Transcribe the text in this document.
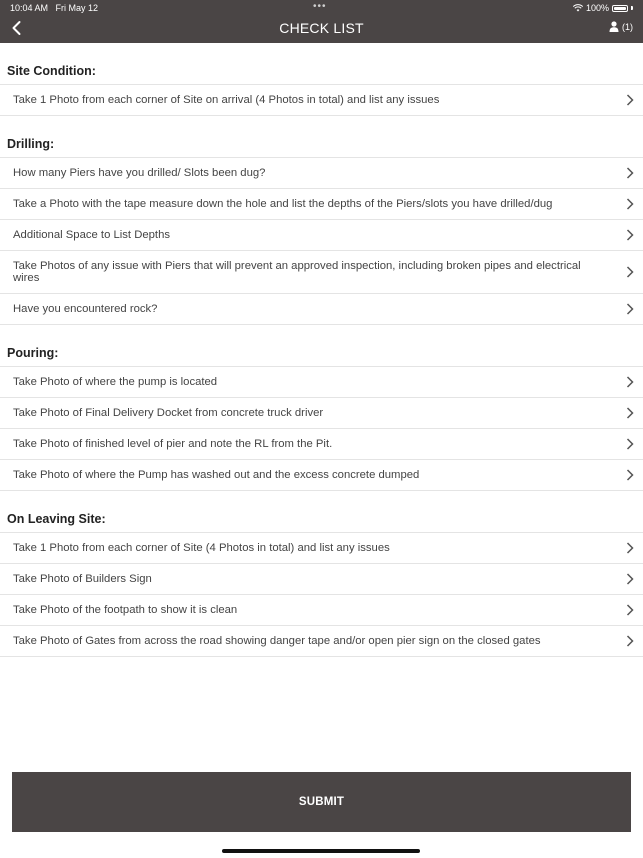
10:04 AM Fri May 12	•••	100%
CHECK LIST	(1)
Site Condition:
Take 1 Photo from each corner of Site on arrival (4 Photos in total) and list any issues
Drilling:
How many Piers have you drilled/ Slots been dug?
Take a Photo with the tape measure down the hole and list the depths of the Piers/slots you have drilled/dug
Additional Space to List Depths
Take Photos of any issue with Piers that will prevent an approved inspection, including broken pipes and electrical wires
Have you encountered rock?
Pouring:
Take Photo of where the pump is located
Take Photo of Final Delivery Docket from concrete truck driver
Take Photo of finished level of pier and note the RL from the Pit.
Take Photo of where the Pump has washed out and the excess concrete dumped
On Leaving Site:
Take 1 Photo from each corner of Site (4 Photos in total) and list any issues
Take Photo of Builders Sign
Take Photo of the footpath to show it is clean
Take Photo of Gates from across the road showing danger tape and/or open pier sign on the closed gates
SUBMIT
